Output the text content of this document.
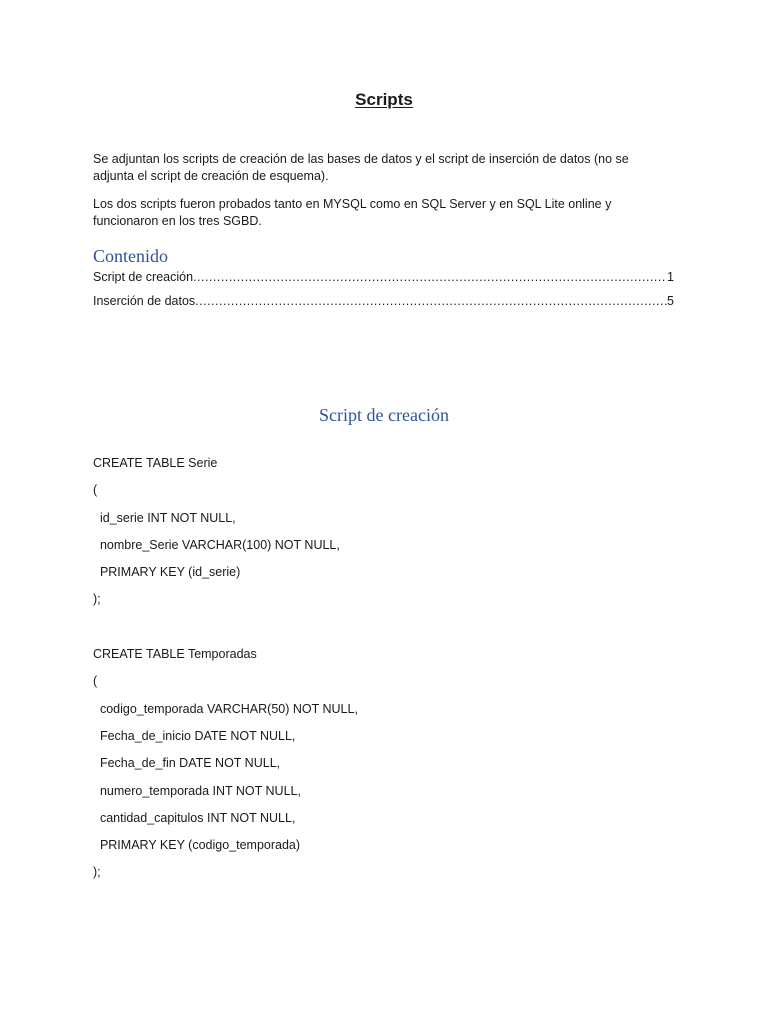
Scripts

Se adjuntan los scripts de creación de las bases de datos y el script de inserción de datos (no se adjunta el script de creación de esquema).

Los dos scripts fueron probados tanto en MYSQL como en SQL Server y en SQL Lite online y funcionaron en los tres SGBD.

Contenido
Script de creación .....	1
Inserción de datos .....	5
Script de creación
CREATE TABLE Serie
(
id_serie INT NOT NULL,
nombre_Serie VARCHAR(100) NOT NULL,
PRIMARY KEY (id_serie)
);
CREATE TABLE Temporadas
(
codigo_temporada VARCHAR(50) NOT NULL,
Fecha_de_inicio DATE NOT NULL,
Fecha_de_fin DATE NOT NULL,
numero_temporada INT NOT NULL,
cantidad_capitulos INT NOT NULL,
PRIMARY KEY (codigo_temporada)
);
